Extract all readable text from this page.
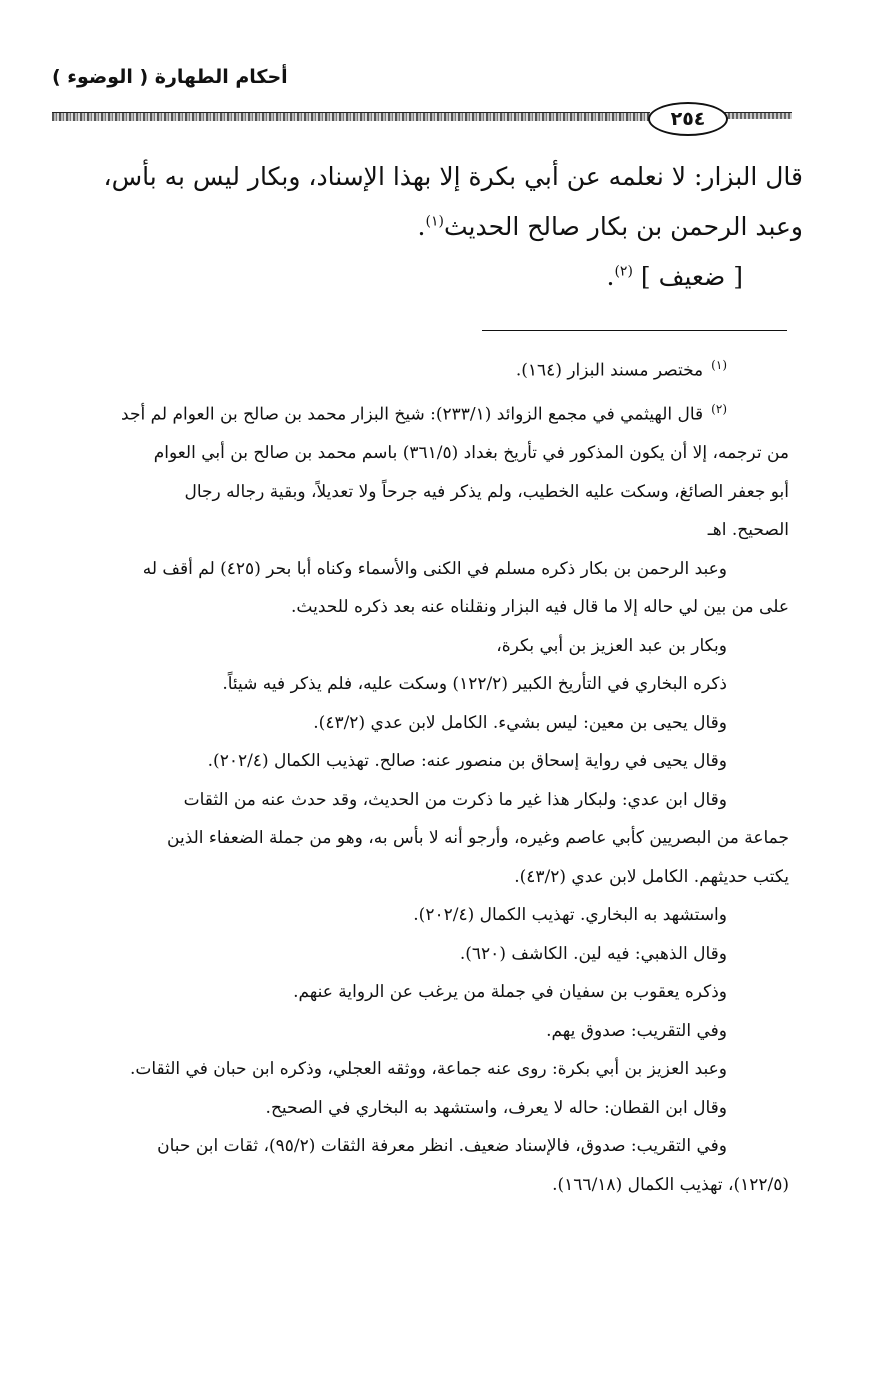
أحكام الطهارة ( الوضوء )
٢٥٤

قال البزار: لا نعلمه عن أبي بكرة إلا بهذا الإسناد، وبكار ليس به بأس،

وعبد الرحمن بن بكار صالح الحديث$^{(١)}$.

[ ضعيف ] $^{(٢)}$.

$^{(١)}$مختصر مسند البزار (١٦٤).

$^{(٢)}$قال الهيثمي في مجمع الزوائد (٢٣٣/١): شيخ البزار محمد بن صالح بن العوام لم أجد

من ترجمه، إلا أن يكون المذكور في تأريخ بغداد (٣٦١/٥) باسم محمد بن صالح بن أبي العوام

أبو جعفر الصائغ، وسكت عليه الخطيب، ولم يذكر فيه جرحاً ولا تعديلاً، وبقية رجاله رجال

الصحيح. اهـ

وعبد الرحمن بن بكار ذكره مسلم في الكنى والأسماء وكناه أبا بحر (٤٢٥) لم أقف له

على من بين لي حاله إلا ما قال فيه البزار ونقلناه عنه بعد ذكره للحديث.

وبكار بن عبد العزيز بن أبي بكرة،

ذكره البخاري في التأريخ الكبير (١٢٢/٢) وسكت عليه، فلم يذكر فيه شيئاً.

وقال يحيى بن معين: ليس بشيء. الكامل لابن عدي (٤٣/٢).

وقال يحيى في رواية إسحاق بن منصور عنه: صالح. تهذيب الكمال (٢٠٢/٤).

وقال ابن عدي: ولبكار هذا غير ما ذكرت من الحديث، وقد حدث عنه من الثقات

جماعة من البصريين كأبي عاصم وغيره، وأرجو أنه لا بأس به، وهو من جملة الضعفاء الذين

يكتب حديثهم. الكامل لابن عدي (٤٣/٢).

واستشهد به البخاري. تهذيب الكمال (٢٠٢/٤).

وقال الذهبي: فيه لين. الكاشف (٦٢٠).

وذكره يعقوب بن سفيان في جملة من يرغب عن الرواية عنهم.

وفي التقريب: صدوق يهم.

وعبد العزيز بن أبي بكرة: روى عنه جماعة، ووثقه العجلي، وذكره ابن حبان في الثقات.

وقال ابن القطان: حاله لا يعرف، واستشهد به البخاري في الصحيح.

وفي التقريب: صدوق، فالإسناد ضعيف. انظر معرفة الثقات (٩٥/٢)، ثقات ابن حبان

(١٢٢/٥)، تهذيب الكمال (١٦٦/١٨).
